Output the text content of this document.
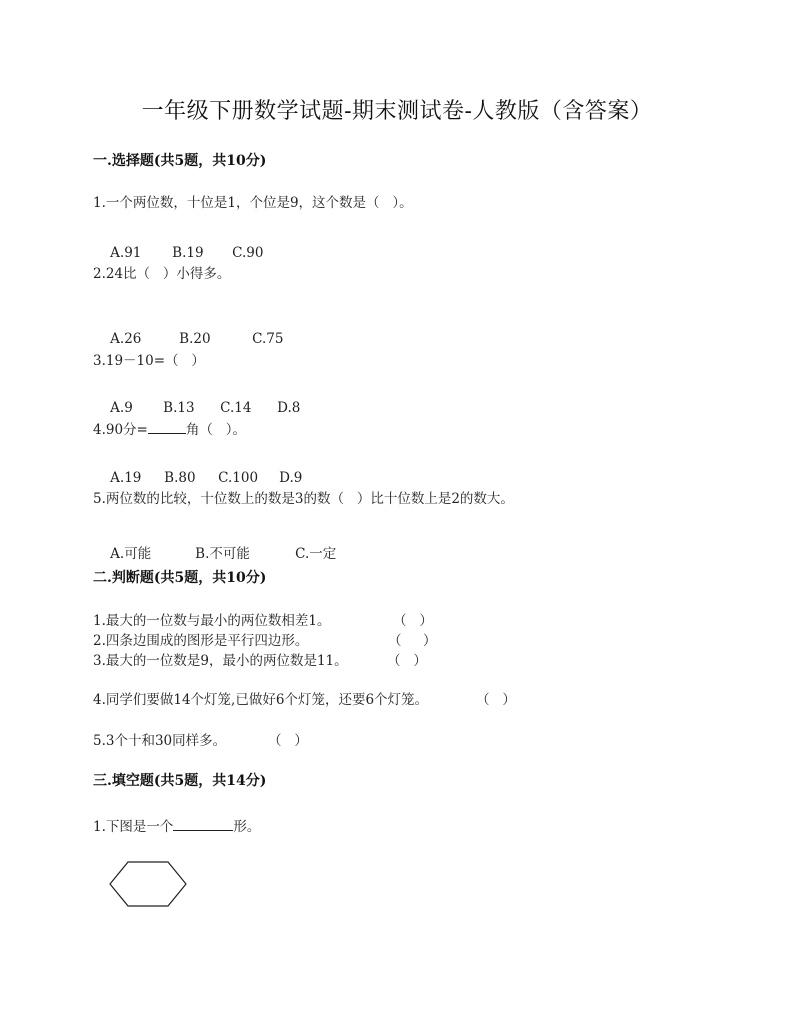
一年级下册数学试题-期末测试卷-人教版（含答案）
一.选择题(共5题，共10分)
1.一个两位数，十位是1，个位是9，这个数是（   ）。

A.91 B.19 C.90

2.24比（   ）小得多。

A.26	B.20	C.75

3.19－10=（   ）

A.9 B.13 C.14 D.8

4.90分=	角（   ）。

A.19 B.80 C.100 D.9

5.两位数的比较，十位数上的数是3的数（   ）比十位数上是2的数大。

A.可能	B.不可能	C.一定

二.判断题(共5题，共10分)
1.最大的一位数与最小的两位数相差1。	（   ）
2.四条边围成的图形是平行四边形。	（     ）
3.最大的一位数是9，最小的两位数是11。	（   ）
4.同学们要做14个灯笼,已做好6个灯笼，还要6个灯笼。	（   ）
5.3个十和30同样多。	（   ）
三.填空题(共5题，共14分)
1.下图是一个	形。
